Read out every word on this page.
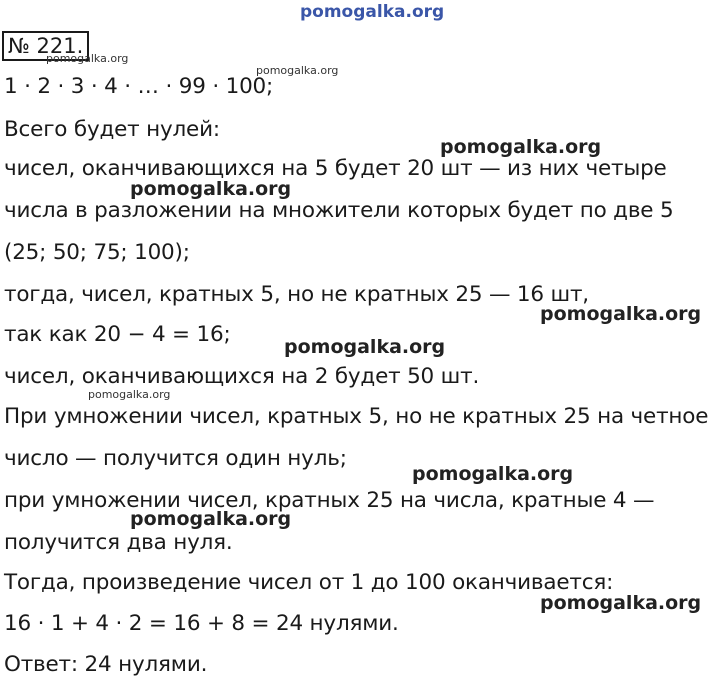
pomogalka.org
№ 221.
pomogalka.org
pomogalka.org
1 · 2 · 3 · 4 · … · 99 · 100;
Всего будет нулей:
pomogalka.org
чисел, оканчивающихся на 5 будет 20 шт — из них четыре
pomogalka.org
числа в разложении на множители которых будет по две 5
(25; 50; 75; 100);
тогда, чисел, кратных 5, но не кратных 25 — 16 шт,
pomogalka.org
так как 20 − 4 = 16;	pomogalka.org
чисел, оканчивающихся на 2 будет 50 шт.
pomogalka.org
При умножении чисел, кратных 5, но не кратных 25 на четное
число — получится один нуль;
pomogalka.org
при умножении чисел, кратных 25 на числа, кратные 4 —
pomogalka.org
получится два нуля.
Тогда, произведение чисел от 1 до 100 оканчивается:
pomogalka.org
16 · 1 + 4 · 2 = 16 + 8 = 24 нулями.
Ответ: 24 нулями.
